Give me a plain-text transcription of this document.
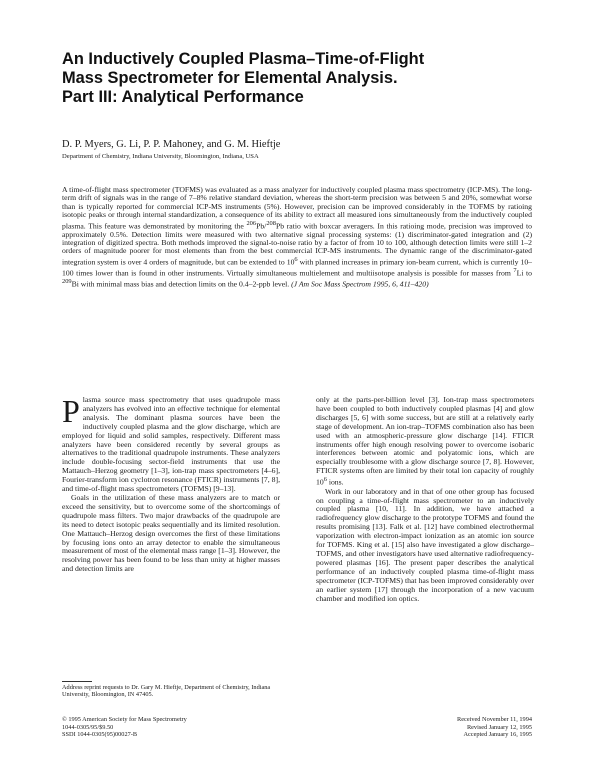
An Inductively Coupled Plasma–Time-of-Flight
Mass Spectrometer for Elemental Analysis.
Part III: Analytical Performance
D. P. Myers, G. Li, P. P. Mahoney, and G. M. Hieftje
Department of Chemistry, Indiana University, Bloomington, Indiana, USA

A time-of-flight mass spectrometer (TOFMS) was evaluated as a mass analyzer for inductively coupled plasma mass spectrometry (ICP-MS). The long-term drift of signals was in the range of 7–8% relative standard deviation, whereas the short-term precision was between 5 and 20%, somewhat worse than is typically reported for commercial ICP-MS instruments (5%). However, precision can be improved considerably in the TOFMS by ratioing isotopic peaks or through internal standardization, a consequence of its ability to extract all measured ions simultaneously from the inductively coupled plasma. This feature was demonstrated by monitoring the $^{206}$Pb/$^{208}$Pb ratio with boxcar averagers. In this ratioing mode, precision was improved to approximately 0.5%. Detection limits were measured with two alternative signal processing systems: (1) discriminator-gated integration and (2) integration of digitized spectra. Both methods improved the signal-to-noise ratio by a factor of from 10 to 100, although detection limits were still 1–2 orders of magnitude poorer for most elements than from the best commercial ICP-MS instruments. The dynamic range of the discriminator-gated integration system is over 4 orders of magnitude, but can be extended to $10^6$ with planned increases in primary ion-beam current, which is currently 10–100 times lower than is found in other instruments. Virtually simultaneous multielement and multiisotope analysis is possible for masses from $^7$Li to $^{209}$Bi with minimal mass bias and detection limits on the 0.4–2-ppb level. (J Am Soc Mass Spectrom 1995, 6, 411–420)

Plasma source mass spectrometry that uses quadrupole mass analyzers has evolved into an effective technique for elemental analysis. The dominant plasma sources have been the inductively coupled plasma and the glow discharge, which are employed for liquid and solid samples, respectively. Different mass analyzers have been considered recently by several groups as alternatives to the traditional quadrupole instruments. These analyzers include double-focusing sector-field instruments that use the Mattauch–Herzog geometry [1–3], ion-trap mass spectrometers [4–6], Fourier-transform ion cyclotron resonance (FTICR) instruments [7, 8], and time-of-flight mass spectrometers (TOFMS) [9–13].

Goals in the utilization of these mass analyzers are to match or exceed the sensitivity, but to overcome some of the shortcomings of quadrupole mass filters. Two major drawbacks of the quadrupole are its need to detect isotopic peaks sequentially and its limited resolution. One Mattauch–Herzog design overcomes the first of these limitations by focusing ions onto an array detector to enable the simultaneous measurement of most of the elemental mass range [1–3]. However, the resolving power has been found to be less than unity at higher masses and detection limits are

only at the parts-per-billion level [3]. Ion-trap mass spectrometers have been coupled to both inductively coupled plasmas [4] and glow discharges [5, 6] with some success, but are still at a relatively early stage of development. An ion-trap–TOFMS combination also has been used with an atmospheric-pressure glow discharge [14]. FTICR instruments offer high enough resolving power to overcome isobaric interferences between atomic and polyatomic ions, which are especially troublesome with a glow discharge source [7, 8]. However, FTICR systems often are limited by their total ion capacity of roughly $10^6$ ions.

Work in our laboratory and in that of one other group has focused on coupling a time-of-flight mass spectrometer to an inductively coupled plasma [10, 11]. In addition, we have attached a radiofrequency glow discharge to the prototype TOFMS and found the results promising [13]. Falk et al. [12] have combined electrothermal vaporization with electron-impact ionization as an atomic ion source for TOFMS. King et al. [15] also have investigated a glow discharge–TOFMS, and other investigators have used alternative radiofrequency-powered plasmas [16]. The present paper describes the analytical performance of an inductively coupled plasma time-of-flight mass spectrometer (ICP-TOFMS) that has been improved considerably over an earlier system [17] through the incorporation of a new vacuum chamber and modified ion optics.

Address reprint requests to Dr. Gary M. Hieftje, Department of Chemistry, Indiana University, Bloomington, IN 47405.
© 1995 American Society for Mass Spectrometry
1044-0305/95/$9.50
SSDI 1044-0305(95)00027-B
Received November 11, 1994
Revised January 12, 1995
Accepted January 16, 1995
